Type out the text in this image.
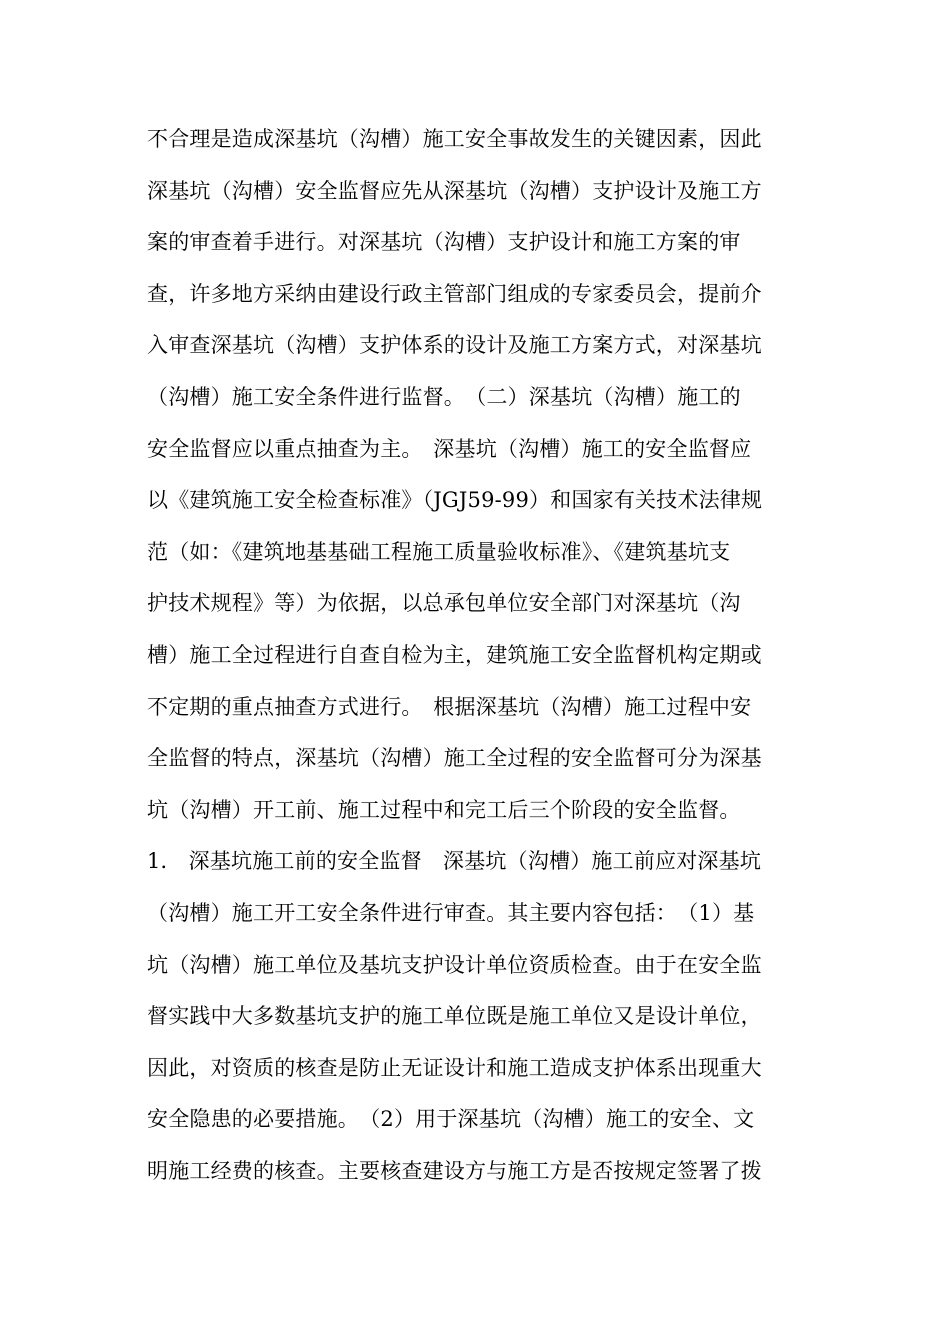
不合理是造成深基坑（沟槽）施工安全事故发生的关键因素，因此
深基坑（沟槽）安全监督应先从深基坑（沟槽）支护设计及施工方
案的审查着手进行。对深基坑（沟槽）支护设计和施工方案的审
查，许多地方采纳由建设行政主管部门组成的专家委员会，提前介
入审查深基坑（沟槽）支护体系的设计及施工方案方式，对深基坑
（沟槽）施工安全条件进行监督。　（二）深基坑（沟槽）施工的
安全监督应以重点抽查为主。　深基坑（沟槽）施工的安全监督应
以《建筑施工安全检查标准》（JGJ59-99）和国家有关技术法律规
范（如：《建筑地基基础工程施工质量验收标准》、《建筑基坑支
护技术规程》等）为依据，以总承包单位安全部门对深基坑（沟
槽）施工全过程进行自查自检为主，建筑施工安全监督机构定期或
不定期的重点抽查方式进行。　根据深基坑（沟槽）施工过程中安
全监督的特点，深基坑（沟槽）施工全过程的安全监督可分为深基
坑（沟槽）开工前、施工过程中和完工后三个阶段的安全监督。
1． 深基坑施工前的安全监督　深基坑（沟槽）施工前应对深基坑
（沟槽）施工开工安全条件进行审查。其主要内容包括：　（1）基
坑（沟槽）施工单位及基坑支护设计单位资质检查。由于在安全监
督实践中大多数基坑支护的施工单位既是施工单位又是设计单位，
因此，对资质的核查是防止无证设计和施工造成支护体系出现重大
安全隐患的必要措施。　（2）用于深基坑（沟槽）施工的安全、文
明施工经费的核查。主要核查建设方与施工方是否按规定签署了拨
